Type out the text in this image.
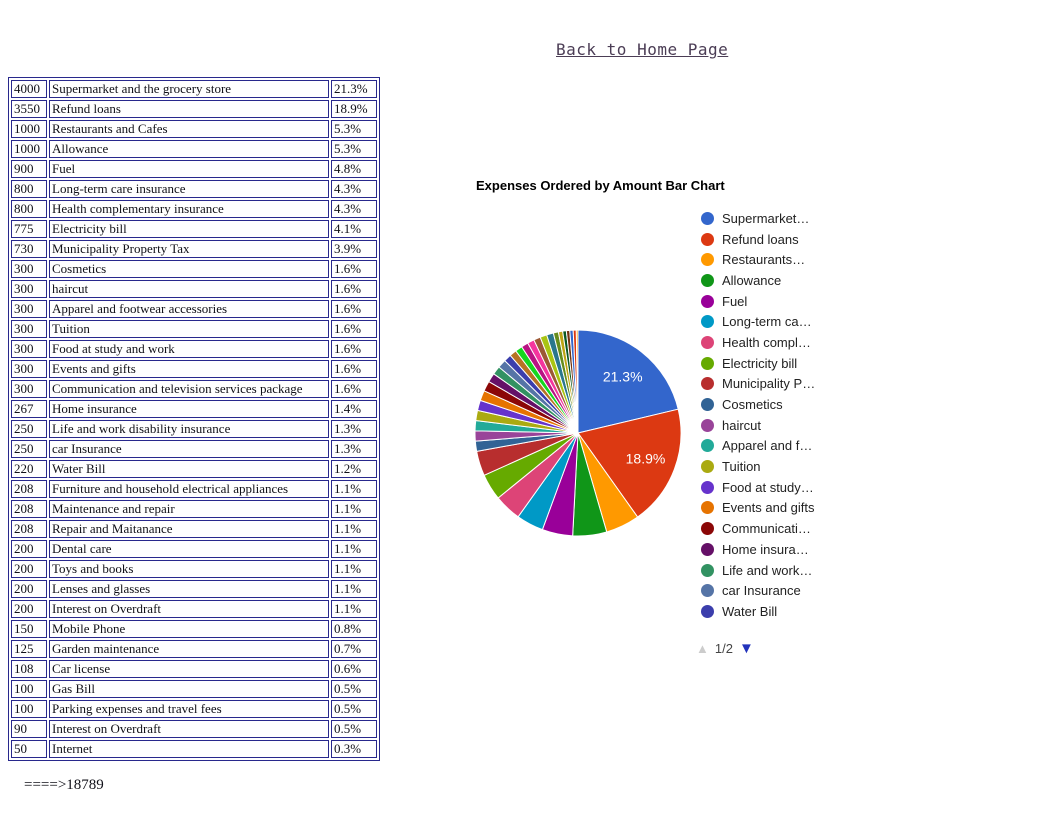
Back to Home Page
4000	Supermarket and the grocery store	21.3%
3550	Refund loans	18.9%
1000	Restaurants and Cafes	5.3%
1000	Allowance	5.3%
900	Fuel	4.8%
800	Long-term care insurance	4.3%
800	Health complementary insurance	4.3%
775	Electricity bill	4.1%
730	Municipality Property Tax	3.9%
300	Cosmetics	1.6%
300	haircut	1.6%
300	Apparel and footwear accessories	1.6%
300	Tuition	1.6%
300	Food at study and work	1.6%
300	Events and gifts	1.6%
300	Communication and television services package	1.6%
267	Home insurance	1.4%
250	Life and work disability insurance	1.3%
250	car Insurance	1.3%
220	Water Bill	1.2%
208	Furniture and household electrical appliances	1.1%
208	Maintenance and repair	1.1%
208	Repair and Maitanance	1.1%
200	Dental care	1.1%
200	Toys and books	1.1%
200	Lenses and glasses	1.1%
200	Interest on Overdraft	1.1%
150	Mobile Phone	0.8%
125	Garden maintenance	0.7%
108	Car license	0.6%
100	Gas Bill	0.5%
100	Parking expenses and travel fees	0.5%
90	Interest on Overdraft	0.5%
50	Internet	0.3%
====>18789
Expenses Ordered by Amount Bar Chart
21.3%
18.9%
Supermarket…
Refund loans
Restaurants…
Allowance
Fuel
Long-term ca…
Health compl…
Electricity bill
Municipality P…
Cosmetics
haircut
Apparel and f…
Tuition
Food at study…
Events and gifts
Communicati…
Home insura…
Life and work…
car Insurance
Water Bill
▲ 1/2 ▼
